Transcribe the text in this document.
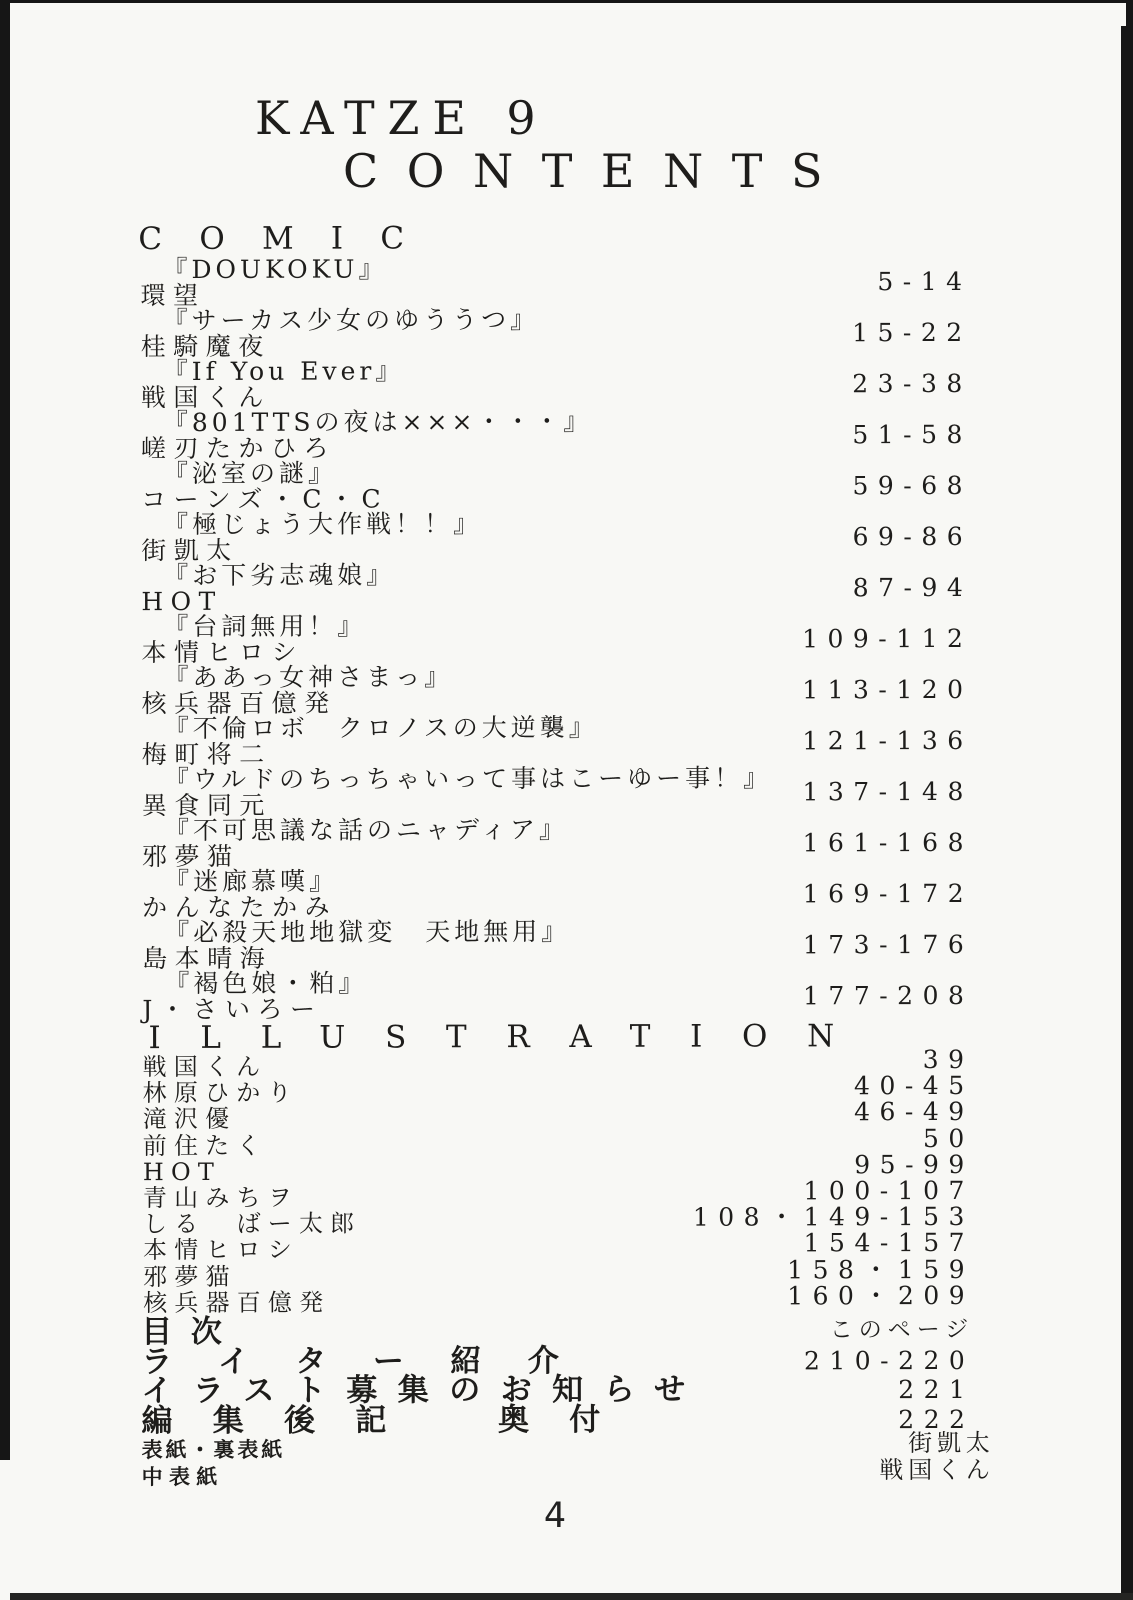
KATZE 9
CONTENTS
COMIC
『DOUKOKU』
環望	5-14
『サーカス少女のゆううつ』
桂騎魔夜	15-22
『If You Ever』
戦国くん	23-38
『801TTSの夜は×××・・・』
嵯刃たかひろ	51-58
『泌室の謎』
コーンズ・C・C	59-68
『極じょう大作戦！！』
街凱太	69-86
『お下劣志魂娘』
HOT	87-94
『台詞無用！』
本情ヒロシ	109-112
『ああっ女神さまっ』
核兵器百億発	113-120
『不倫ロボ　クロノスの大逆襲』
梅町将二	121-136
『ウルドのちっちゃいって事はこーゆー事！』
異食同元	137-148
『不可思議な話のニャディア』
邪夢猫	161-168
『迷廊慕嘆』
かんなたかみ	169-172
『必殺天地地獄変　天地無用』
島本晴海	173-176
『褐色娘・粕』
J・さいろー	177-208
ILLUSTRATION
戦国くん	39
林原ひかり	40-45
滝沢優	46-49
前住たく	50
HOT	95-99
青山みちヲ	100-107
しる　ばー太郎	108・149-153
本情ヒロシ	154-157
邪夢猫	158・159
核兵器百億発	160・209
目次	このページ
ライター紹介	210-220
イラスト募集のお知らせ	221
編集後記　奥付	222
表紙・裏表紙	街凱太
中表紙	戦国くん
4
